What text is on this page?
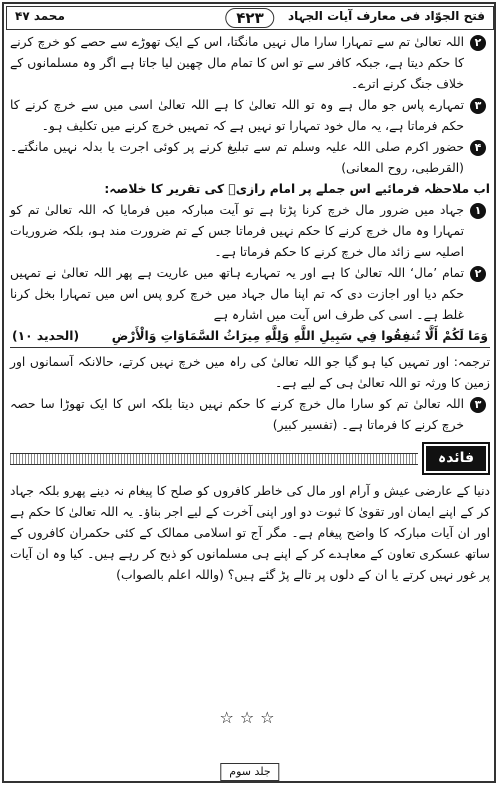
فتح الجوّاد فی معارف آیات الجہاد
۴۲۳
محمد ۴۷

۲
اللہ تعالیٰ تم سے تمہارا سارا مال نہیں مانگتا، اس کے ایک تھوڑے سے حصے کو خرچ کرنے کا حکم دیتا ہے، جبکہ کافر سے تو اس کا تمام مال چھین لیا جاتا ہے اگر وہ مسلمانوں کے خلاف جنگ کرنے اترے۔

۳
تمہارے پاس جو مال ہے وہ تو اللہ تعالیٰ کا ہے اللہ تعالیٰ اسی میں سے خرچ کرنے کا حکم فرماتا ہے، یہ مال خود تمہارا تو نہیں ہے کہ تمہیں خرچ کرنے میں تکلیف ہو۔

۴
حضور اکرم صلی اللہ علیہ وسلم تم سے تبلیغ کرنے پر کوئی اجرت یا بدلہ نہیں مانگتے۔ (القرطبی، روح المعانی)

اب ملاحظہ فرمائیے اس جملے پر امام رازیؒ کی تقریر کا خلاصہ:

۱
جہاد میں ضرور مال خرچ کرنا پڑتا ہے تو آیت مبارکہ میں فرمایا کہ اللہ تعالیٰ تم کو تمہارا وہ مال خرچ کرنے کا حکم نہیں فرماتا جس کے تم ضرورت مند ہو، بلکہ ضروریات اصلیہ سے زائد مال خرچ کرنے کا حکم فرماتا ہے۔

۲
تمام ’مال‘ اللہ تعالیٰ کا ہے اور یہ تمہارے ہاتھ میں عاریت ہے پھر اللہ تعالیٰ نے تمہیں حکم دیا اور اجازت دی کہ تم اپنا مال جہاد میں خرچ کرو پس اس میں تمہارا بخل کرنا غلط ہے۔ اسی کی طرف اس آیت میں اشارہ ہے

وَمَا لَكُمْ أَلَّا تُنفِقُوا فِي سَبِيلِ اللَّهِ وَلِلَّهِ مِيرَاثُ السَّمَاوَاتِ وَالْأَرْضِ
(الحدید ۱۰)

ترجمہ: اور تمہیں کیا ہو گیا جو اللہ تعالیٰ کی راہ میں خرچ نہیں کرتے، حالانکہ آسمانوں اور زمین کا ورثہ تو اللہ تعالیٰ ہی کے لیے ہے۔

۳
اللہ تعالیٰ تم کو سارا مال خرچ کرنے کا حکم نہیں دیتا بلکہ اس کا ایک تھوڑا سا حصہ خرچ کرنے کا فرماتا ہے۔ (تفسیر کبیر)

فائدہ

دنیا کے عارضی عیش و آرام اور مال کی خاطر کافروں کو صلح کا پیغام نہ دینے پھرو بلکہ جہاد کر کے اپنے ایمان اور تقویٰ کا ثبوت دو اور اپنی آخرت کے لیے اجر بناؤ۔ یہ اللہ تعالیٰ کا حکم ہے اور ان آیات مبارکہ کا واضح پیغام ہے۔ مگر آج تو اسلامی ممالک کے کئی حکمران کافروں کے ساتھ عسکری تعاون کے معاہدے کر کے اپنے ہی مسلمانوں کو ذبح کر رہے ہیں۔ کیا وہ ان آیات پر غور نہیں کرتے یا ان کے دلوں پر تالے پڑ گئے ہیں؟ (واللہ اعلم بالصواب)

☆☆☆
جلد سوم
